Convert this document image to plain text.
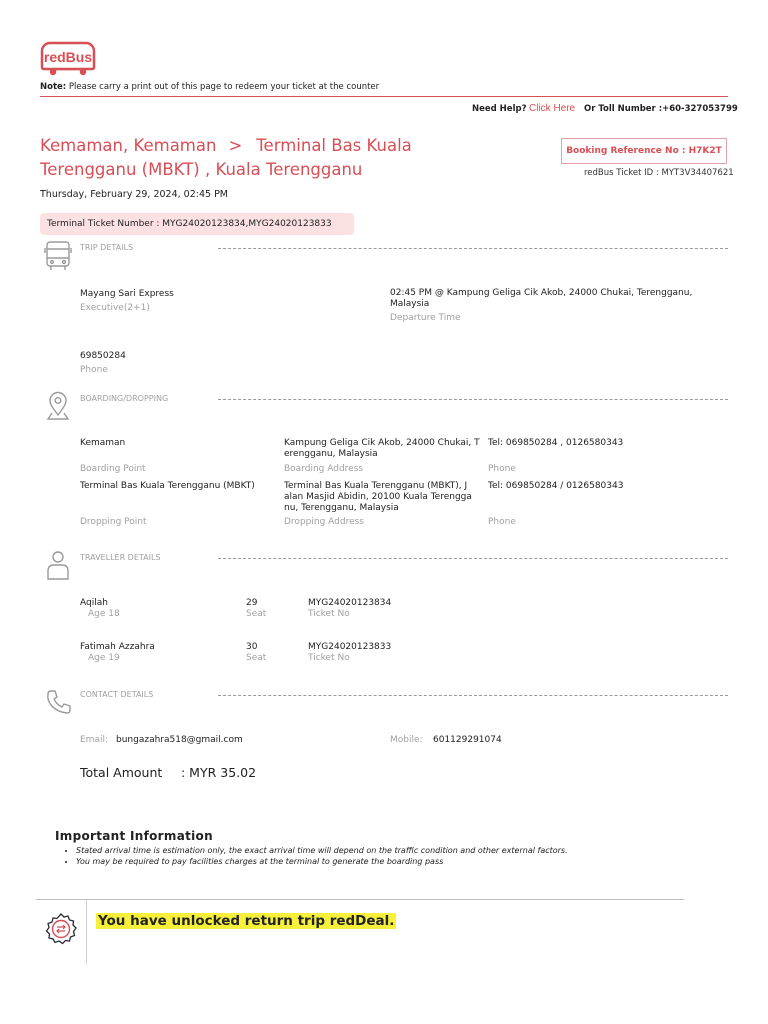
redBus
Note: Please carry a print out of this page to redeem your ticket at the counter
Need Help? Click Here Or Toll Number :+60-327053799
Kemaman, Kemaman > Terminal Bas Kuala
Terengganu (MBKT) , Kuala Terengganu
Booking Reference No : H7K2T
redBus Ticket ID : MYT3V34407621
Thursday, February 29, 2024, 02:45 PM
Terminal Ticket Number : MYG24020123834,MYG24020123833
TRIP DETAILS
Mayang Sari Express
Executive(2+1)
02:45 PM @ Kampung Geliga Cik Akob, 24000 Chukai, Terengganu,
Malaysia
Departure Time
69850284
Phone
BOARDING/DROPPING
Kemaman
Boarding Point
Kampung Geliga Cik Akob, 24000 Chukai, T
erengganu, Malaysia
Boarding Address
Tel: 069850284 , 0126580343
Phone
Terminal Bas Kuala Terengganu (MBKT)
Dropping Point
Terminal Bas Kuala Terengganu (MBKT), J
alan Masjid Abidin, 20100 Kuala Terengga
nu, Terengganu, Malaysia
Dropping Address
Tel: 069850284 / 0126580343
Phone
TRAVELLER DETAILS
Aqilah
Age 18
29
Seat
MYG24020123834
Ticket No
Fatimah Azzahra
Age 19
30
Seat
MYG24020123833
Ticket No
CONTACT DETAILS
Email: bungazahra518@gmail.com	Mobile: 601129291074
Total Amount : MYR 35.02
Important Information
• Stated arrival time is estimation only, the exact arrival time will depend on the traffic condition and other external factors.
• You may be required to pay facilities charges at the terminal to generate the boarding pass
You have unlocked return trip redDeal.
